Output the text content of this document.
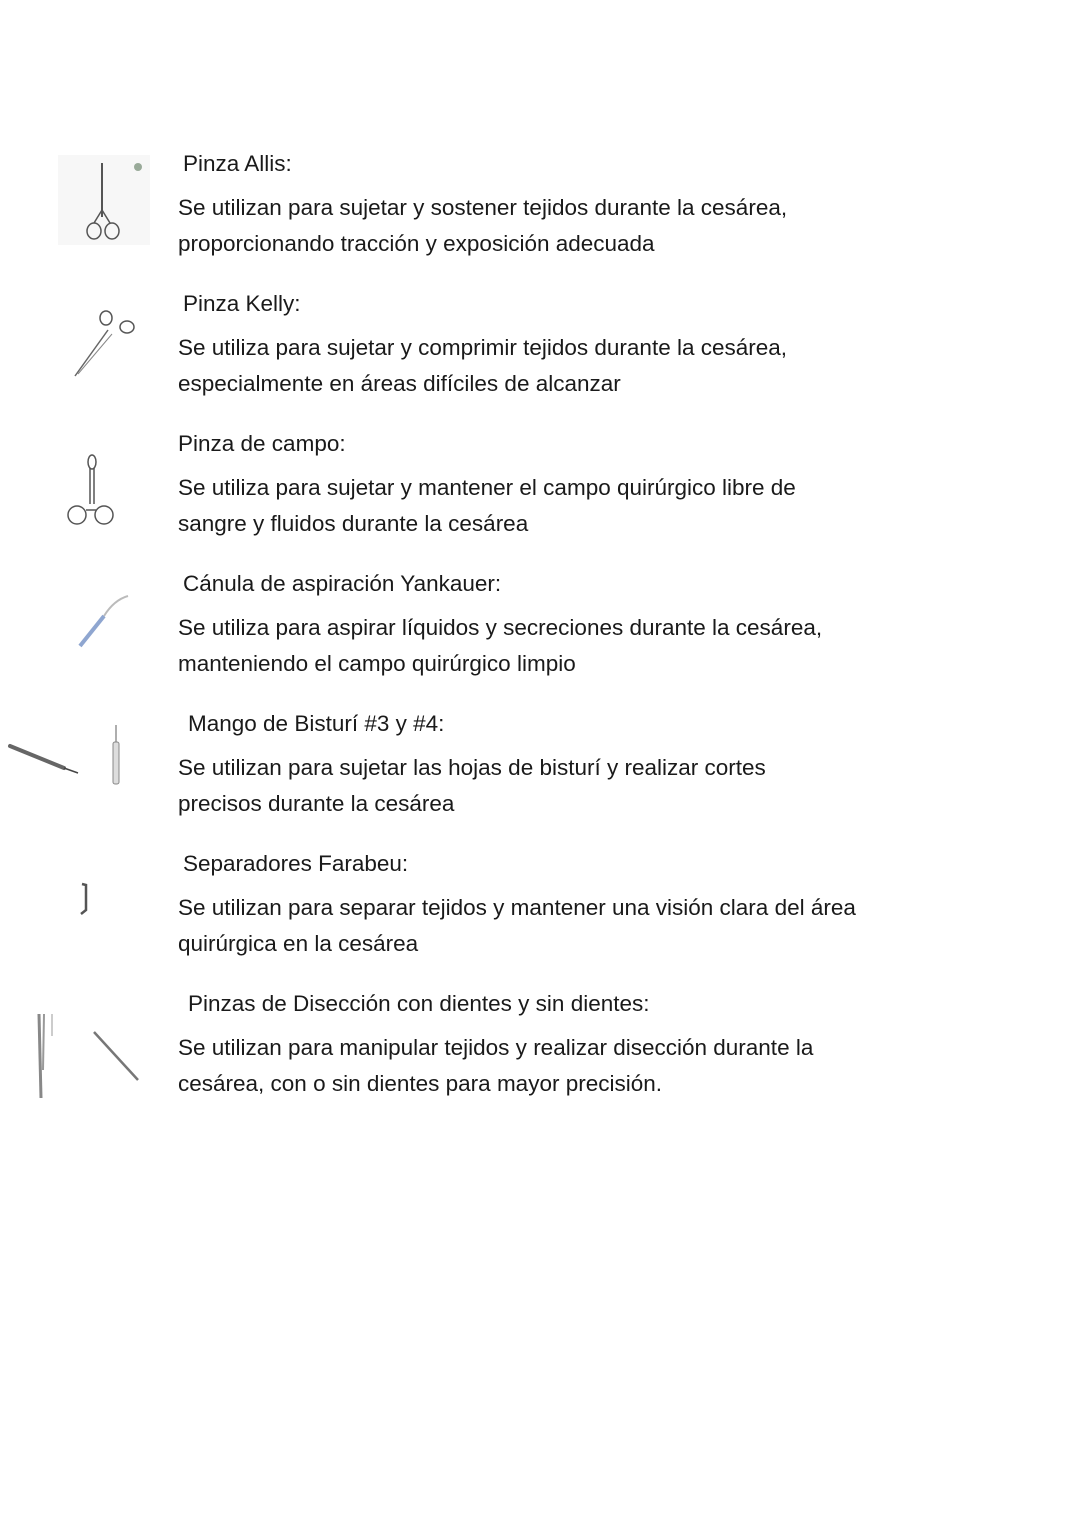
Pinza Allis:
Se utilizan para sujetar y sostener tejidos durante la cesárea,
proporcionando tracción y exposición adecuada
Pinza Kelly:
Se utiliza para sujetar y comprimir tejidos durante la cesárea,
especialmente en áreas difíciles de alcanzar
Pinza de campo:
Se utiliza para sujetar y mantener el campo quirúrgico libre de
sangre y fluidos durante la cesárea
Cánula de aspiración Yankauer:
Se utiliza para aspirar líquidos y secreciones durante la cesárea,
manteniendo el campo quirúrgico limpio
Mango de Bisturí #3 y #4:
Se utilizan para sujetar las hojas de bisturí y realizar cortes
precisos durante la cesárea
Separadores Farabeu:
Se utilizan para separar tejidos y mantener una visión clara del área
quirúrgica en la cesárea
Pinzas de Disección con dientes y sin dientes:
Se utilizan para manipular tejidos y realizar disección durante la
cesárea, con o sin dientes para mayor precisión.
